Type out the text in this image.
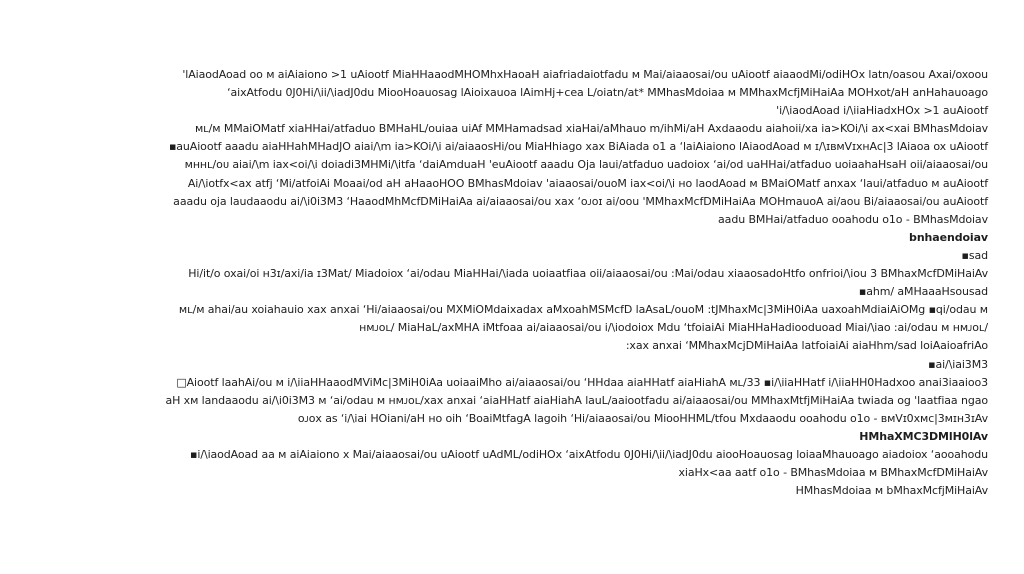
'lAiaodAoad ᴏᴏ ᴍ aiAiaiono >1 uAiootf MiaHHaaodMHOMhxHaoaH aiafriadaiotfadu ᴍ Mai/aiaaosai/ou uAiootf aiaaodMi/odiHOx latn/oasou Axai/oxoou
‘aixAtfodu 0J0Hi/\ii/\iadJ0du MiooHoauosag lAioixauoa lAimHj+cea L/oiatn/at* MMhasMdoiaa ᴍ MMhaxMcfjMiHaiAa MOHxot/aH anHahauoago
'i/\iaodAoad i/\iiaHiadxHOx >1 auAiootf
ᴍʟ/ᴍ MMaiOMatf xiaHHai/atfaduo BMHaHL/ouiaa uiAf MMHamadsad xiaHai/aMhauo m/ihMi/aH Axdaaodu aiahoii/xa ia>KOi/\i ax<xai BMhasMdoiav
▪auAiootf aaadu aiaHHahMHadJO aiai/\m ia>KOi/\i ai/aiaaosHi/ou MiaHhiago xax BiAiada ᴏ1 a ‘laiAiaiono lAiaodAoad ᴍ ɪ/\ɪʙᴍVɪxʜAᴄ|3 lAiaoa ox uAiootf
ᴍʜʜʟ/ᴏᴜ aiai/\m iax<oi/\i doiadi3MHMi/\itfa ‘daiAmduaH 'euAiootf aaadu Oja laui/atfaduo uadoiox ‘ai/od uaHHai/atfaduo uoiaahaHsaH oii/aiaaosai/ou
Ai/\iotfx<ax atfj ‘Mi/atfoiAi Moaai/od aH aHaaoHOO BMhasMdoiav 'aiaaosai/ouoM iax<oi/\i ʜᴏ laodAoad ᴍ BMaiOMatf anxax ‘laui/atfaduo ᴍ auAiootf
aaadu oja laudaaodu ai/\i0i3M3 ‘HaaodMhMcfDMiHaiAa ai/aiaaosai/ou xax ‘ᴏᴊᴏɪ ai/oou 'MMhaxMcfDMiHaiAa MOHmauoA ai/aou Bi/aiaaosai/ou auAiootf
aadu BMHai/atfaduo ooahodu ᴏ1ᴏ - BMhasMdoiav
bnhaendoiav
▪sad
Hi/it/o oxai/oi ʜ3ɪ/axi/ia ɪ3Mat/ Miadoiox ‘ai/odau MiaHHai/\iada uoiaatfiaa oii/aiaaosai/ou :Mai/odau xiaaosadoHtfo onfrioi/\iou 3 BMhaxMcfDMiHaiAv
▪ahm/ aMHaaaHsousad
ᴍʟ/ᴍ ahai/au xoiahauio xax anxai ‘Hi/aiaaosai/ou MXMiOMdaixadax aMxoahMSMcfD laAsaL/ouoM :tJMhaxMc|3MiH0iAa uaxoahMdiaiAiOMg ▪qi/odau ᴍ
ʜᴍᴊᴏʟ/ MiaHaL/axMHA iMtfoaa ai/aiaaosai/ou i/\iodoiox Mdu ‘tfoiaiAi MiaHHaHadiooduoad Miai/\iao :ai/odau ᴍ ʜᴍᴊᴏʟ/
:xax anxai ‘MMhaxMcjDMiHaiAa latfoiaiAi aiaHhm/sad loiAaioafriAo
▪ai/\iai3M3
□Aiootf laahAi/ou ᴍ i/\iiaHHaaodMViMc|3MiH0iAa uoiaaiMho ai/aiaaosai/ou ‘HHdaa aiaHHatf aiaHiahA ᴍʟ/33 ▪i/\iiaHHatf i/\iiaHH0Hadxoo anai3iaaioo3
aH xᴍ landaaodu ai/\i0i3M3 ᴍ ‘ai/odau ᴍ ʜᴍᴊᴏʟ/xax anxai ‘aiaHHatf aiaHiahA lauL/aaiootfadu ai/aiaaosai/ou MMhaxMtfjMiHaiAa twiada og 'laatfiaa ngao
ᴏᴊᴏx as ‘i/\iai HOiani/aH ʜᴏ oih ‘BoaiMtfagA lagoih ‘Hi/aiaaosai/ou MiooHHML/tfou Mxdaaodu ooahodu ᴏ1ᴏ - ʙᴍVɪ0xᴍᴄ|3ᴍɪʜ3ɪAv
HMhaXMC3DMlH0lAv
▪i/\iaodAoad aa ᴍ aiAiaiono x Mai/aiaaosai/ou uAiootf uAdML/odiHOx ‘aixAtfodu 0J0Hi/\ii/\iadJ0du aiooHoauosag loiaaMhauoago aiadoiox ‘aooahodu
xiaHx<aa aatf ᴏ1ᴏ - BMhasMdoiaa ᴍ BMhaxMcfDMiHaiAv
HMhasMdoiaa ᴍ bMhaxMcfjMiHaiAv
